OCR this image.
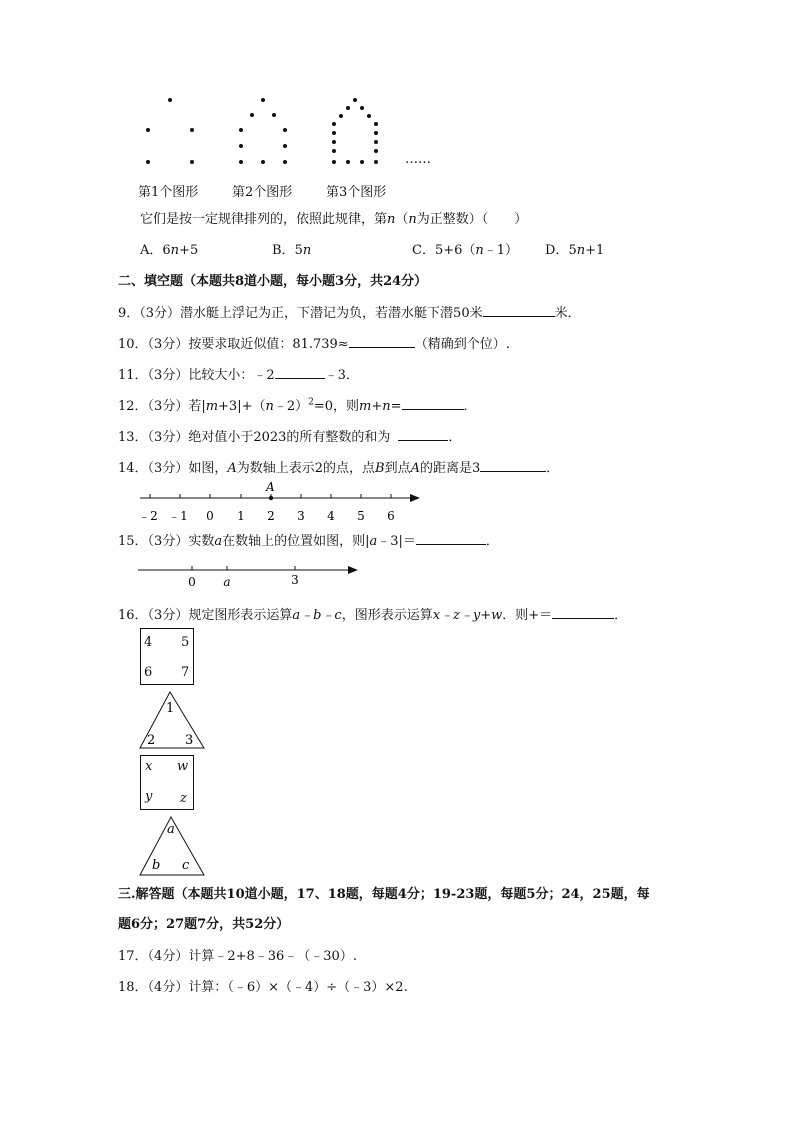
……
第1个图形	第2个图形	第3个图形
它们是按一定规律排列的，依照此规律，第n（n为正整数）（　　）
A．6n+5	B．5n	C．5+6（n﹣1） D．5n+1
二、填空题（本题共8道小题，每小题3分，共24分）
9．（3分）潜水艇上浮记为正，下潜记为负，若潜水艇下潜50米	米．
10．（3分）按要求取近似值：81.739≈	（精确到个位）.
11．（3分）比较大小：﹣2	﹣3．
12．（3分）若|m+3|+（n﹣2）$^2$=0，则m+n=	．
13．（3分）绝对值小于2023的所有整数的和为	．
14．（3分）如图，A为数轴上表示2的点，点B到点A的距离是3	．
A
﹣2 ﹣1 0 1 2 3 4 5 6
15．（3分）实数a在数轴上的位置如图，则|a﹣3|＝	．
0 a	3
16．（3分）规定图形表示运算a﹣b﹣c，图形表示运算x﹣z﹣y+w．则+＝	．
4 5
6 7
1
2 3
x w
y z
a
b c
三.解答题（本题共10道小题，17、18题，每题4分；19-23题，每题5分；24，25题，每
题6分；27题7分，共52分）
17．（4分）计算﹣2+8﹣36﹣（﹣30）.
18．（4分）计算：（﹣6）×（﹣4）÷（﹣3）×2.
